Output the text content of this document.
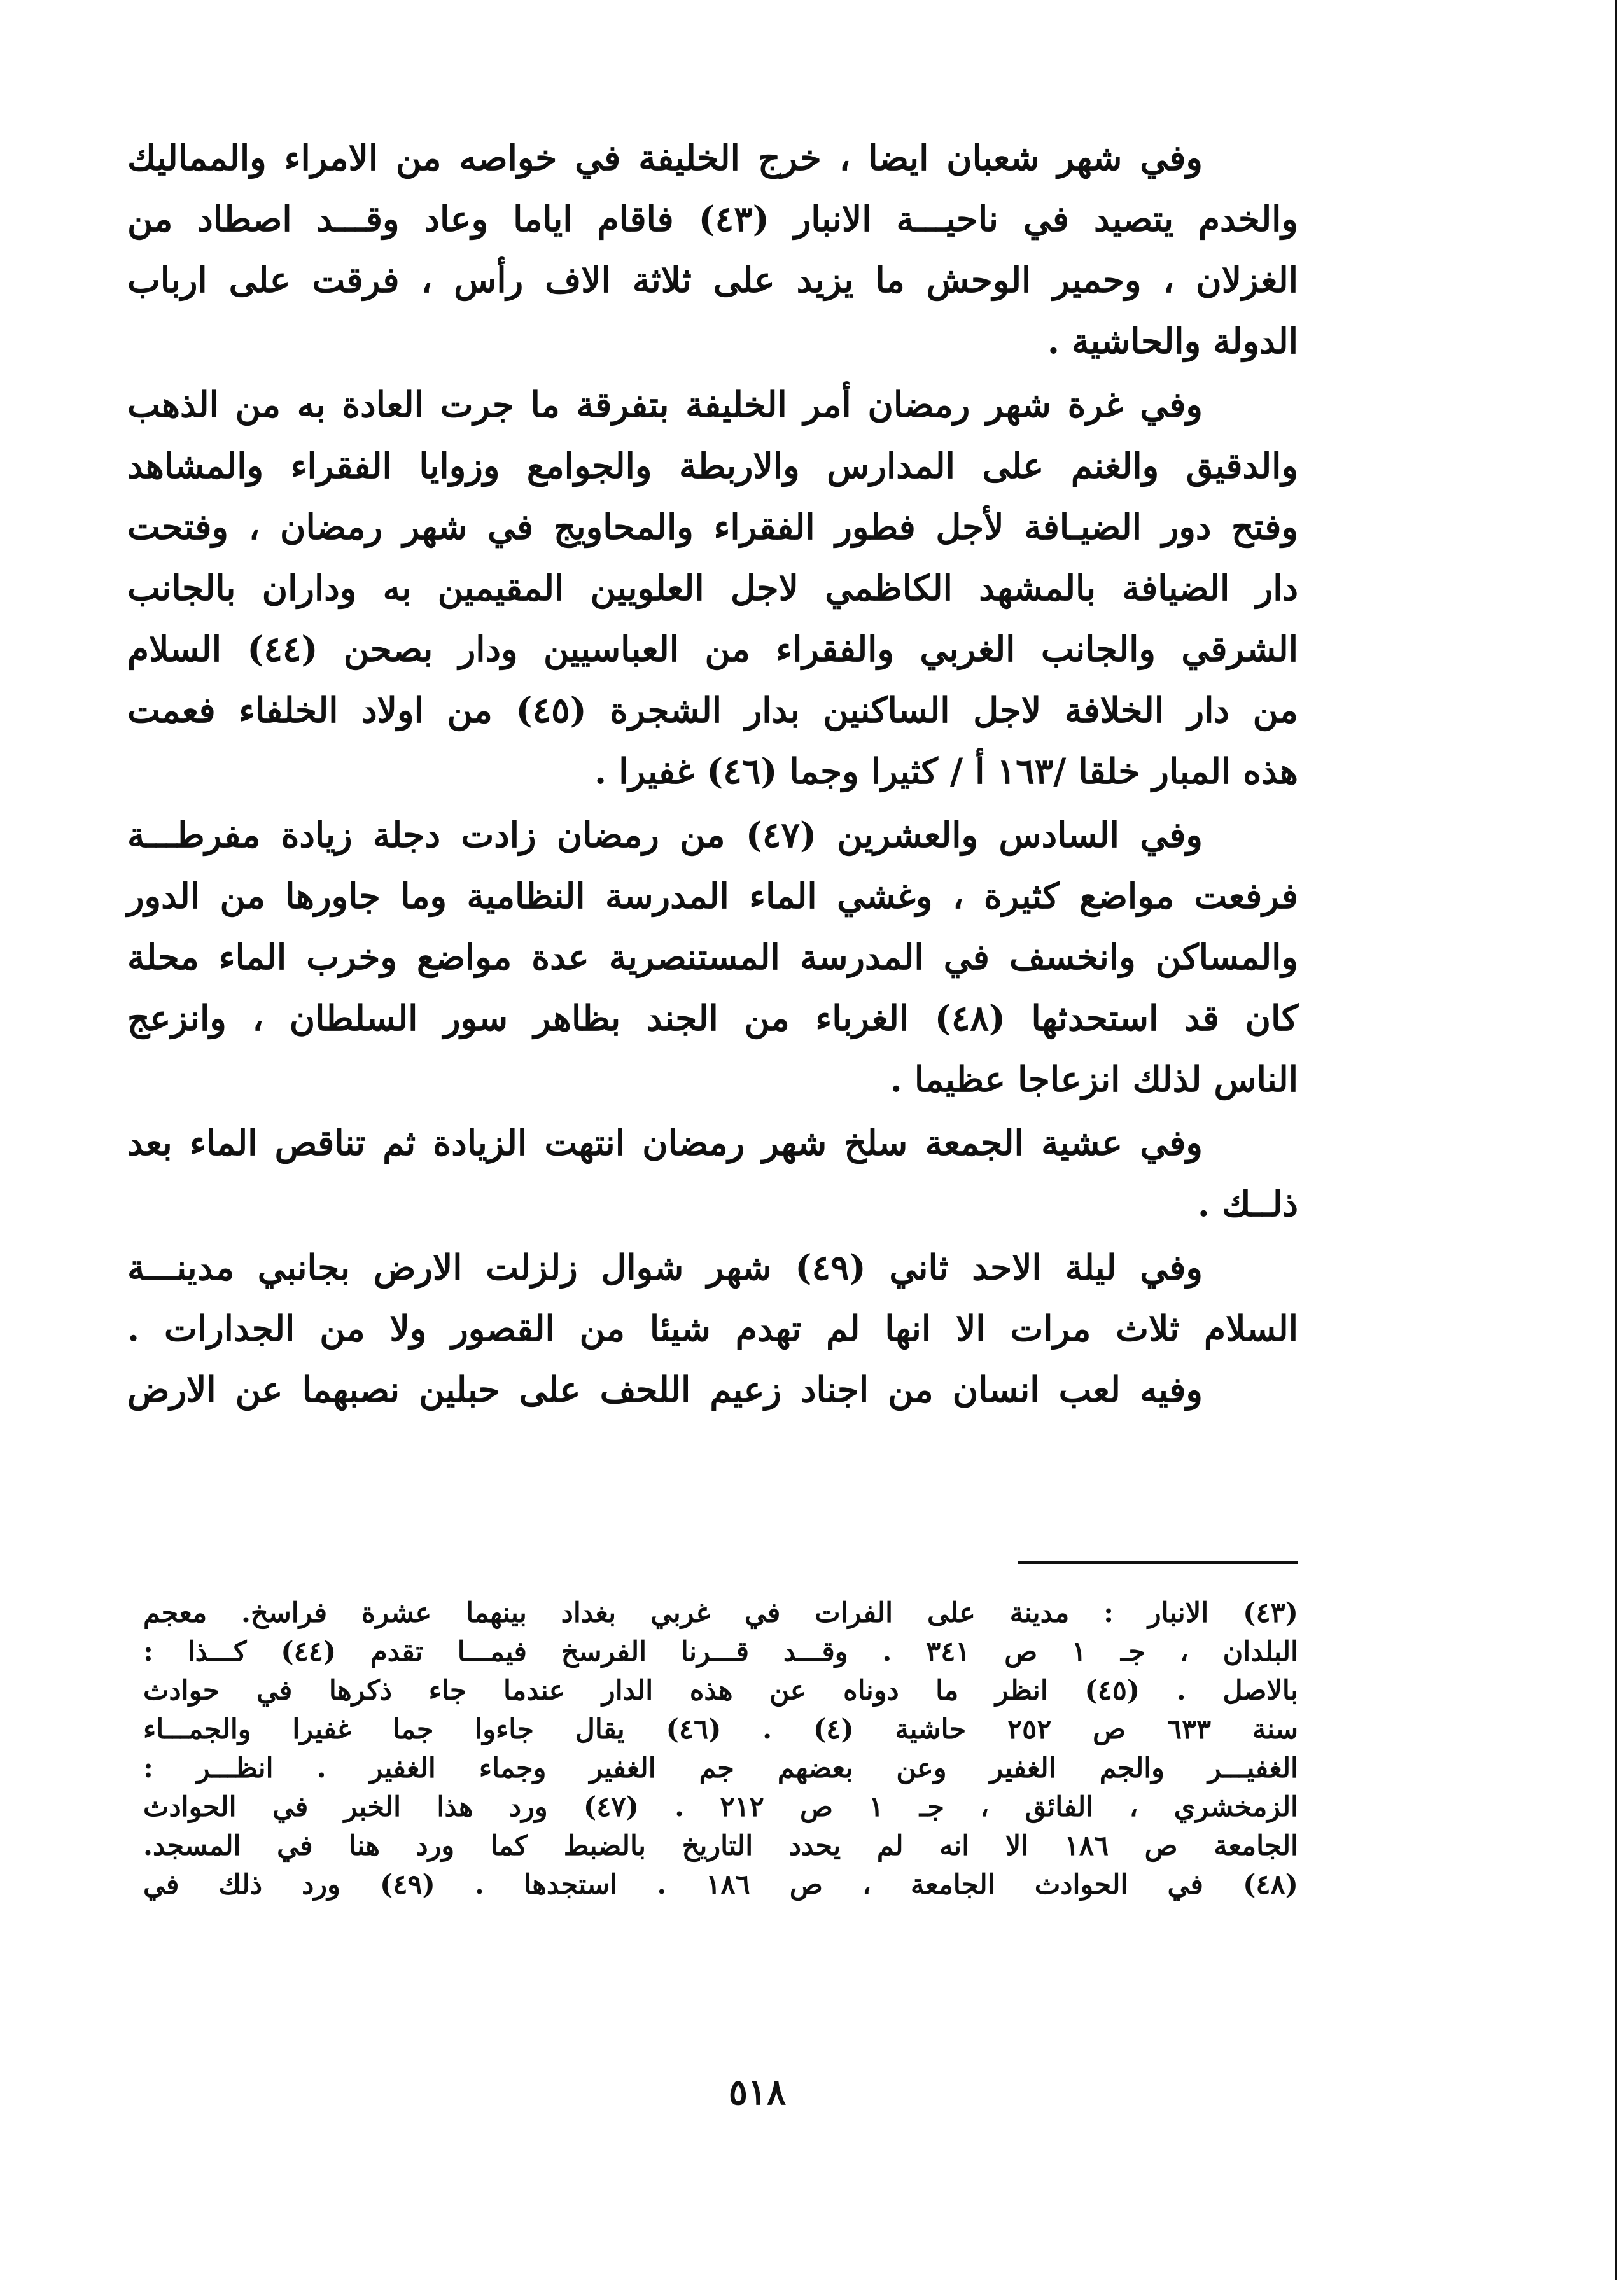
وفي شهر شعبان ايضا ، خرج الخليفة في خواصه من الامراء والمماليك
والخدم يتصيد في ناحيـــة الانبار (٤٣) فاقام اياما وعاد وقـــد اصطاد من
الغزلان ، وحمير الوحش ما يزيد على ثلاثة الاف رأس ، فرقت على ارباب
الدولة والحاشية .
وفي غرة شهر رمضان أمر الخليفة بتفرقة ما جرت العادة به من الذهب
والدقيق والغنم على المدارس والاربطة والجوامع وزوايا الفقراء والمشاهد
وفتح دور الضيـافة لأجل فطور الفقراء والمحاويج في شهر رمضان ، وفتحت
دار الضيافة بالمشهد الكاظمي لاجل العلويين المقيمين به وداران بالجانب
الشرقي والجانب الغربي والفقراء من العباسيين ودار بصحن (٤٤) السلام
من دار الخلافة لاجل الساكنين بدار الشجرة (٤٥) من اولاد الخلفاء فعمت
هذه المبار خلقا /١٦٣ أ / كثيرا وجما (٤٦) غفيرا .
وفي السادس والعشرين (٤٧) من رمضان زادت دجلة زيادة مفرطـــة
فرفعت مواضع كثيرة ، وغشي الماء المدرسة النظامية وما جاورها من الدور
والمساكن وانخسف في المدرسة المستنصرية عدة مواضع وخرب الماء محلة
كان قد استحدثها (٤٨) الغرباء من الجند بظاهر سور السلطان ، وانزعج
الناس لذلك انزعاجا عظيما .
وفي عشية الجمعة سلخ شهر رمضان انتهت الزيادة ثم تناقص الماء بعد
ذلــك .
وفي ليلة الاحد ثاني (٤٩) شهر شوال زلزلت الارض بجانبي مدينـــة
السلام ثلاث مرات الا انها لم تهدم شيئا من القصور ولا من الجدارات .
وفيه لعب انسان من اجناد زعيم اللحف على حبلين نصبهما عن الارض
(٤٣) الانبار : مدينة على الفرات في غربي بغداد بينهما عشرة فراسخ. معجم
البلدان ، جـ ١ ص ٣٤١ . وقـــد قـــرنا الفرسخ فيمـــا تقدم (٤٤) كـــذا :
بالاصل . (٤٥) انظر ما دوناه عن هذه الدار عندما جاء ذكرها في حوادث
سنة ٦٣٣ ص ٢٥٢ حاشية (٤) . (٤٦) يقال جاءوا جما غفيرا والجمـــاء
الغفيـــر والجم الغفير وعن بعضهم جم الغفير وجماء الغفير . انظـــر :
الزمخشري ، الفائق ، جـ ١ ص ٢١٢ . (٤٧) ورد هذا الخبر في الحوادث
الجامعة ص ١٨٦ الا انه لم يحدد التاريخ بالضبط كما ورد هنا في المسجد.
(٤٨) في الحوادث الجامعة ، ص ١٨٦ . استجدها . (٤٩) ورد ذلك في
٥١٨
